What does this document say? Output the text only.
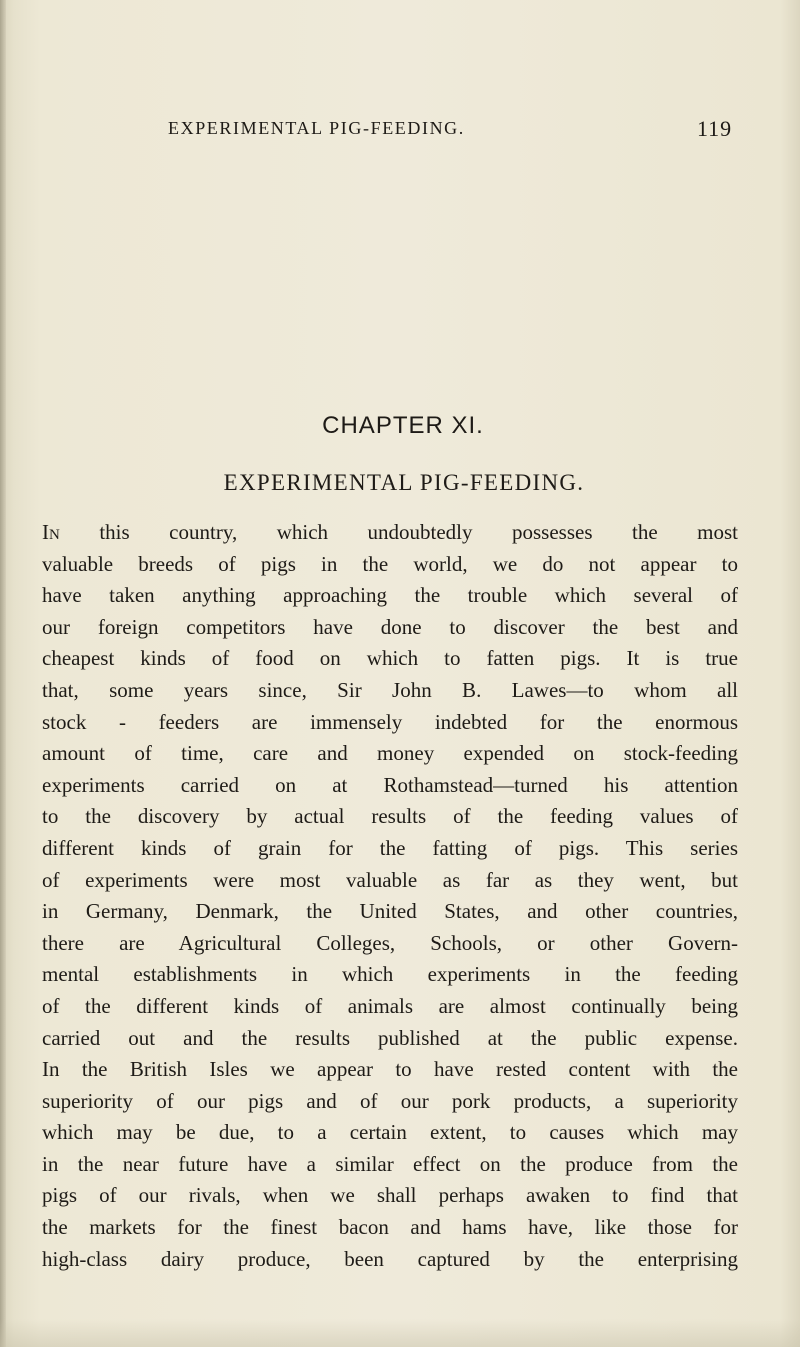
EXPERIMENTAL PIG-FEEDING.	119
CHAPTER XI.
EXPERIMENTAL PIG-FEEDING.
In this country, which undoubtedly possesses the most
valuable breeds of pigs in the world, we do not appear to
have taken anything approaching the trouble which several of
our foreign competitors have done to discover the best and
cheapest kinds of food on which to fatten pigs. It is true
that, some years since, Sir John B. Lawes—to whom all
stock - feeders are immensely indebted for the enormous
amount of time, care and money expended on stock-feeding
experiments carried on at Rothamstead—turned his attention
to the discovery by actual results of the feeding values of
different kinds of grain for the fatting of pigs. This series
of experiments were most valuable as far as they went, but
in Germany, Denmark, the United States, and other countries,
there are Agricultural Colleges, Schools, or other Govern-
mental establishments in which experiments in the feeding
of the different kinds of animals are almost continually being
carried out and the results published at the public expense.
In the British Isles we appear to have rested content with the
superiority of our pigs and of our pork products, a superiority
which may be due, to a certain extent, to causes which may
in the near future have a similar effect on the produce from the
pigs of our rivals, when we shall perhaps awaken to find that
the markets for the finest bacon and hams have, like those for
high-class dairy produce, been captured by the enterprising
